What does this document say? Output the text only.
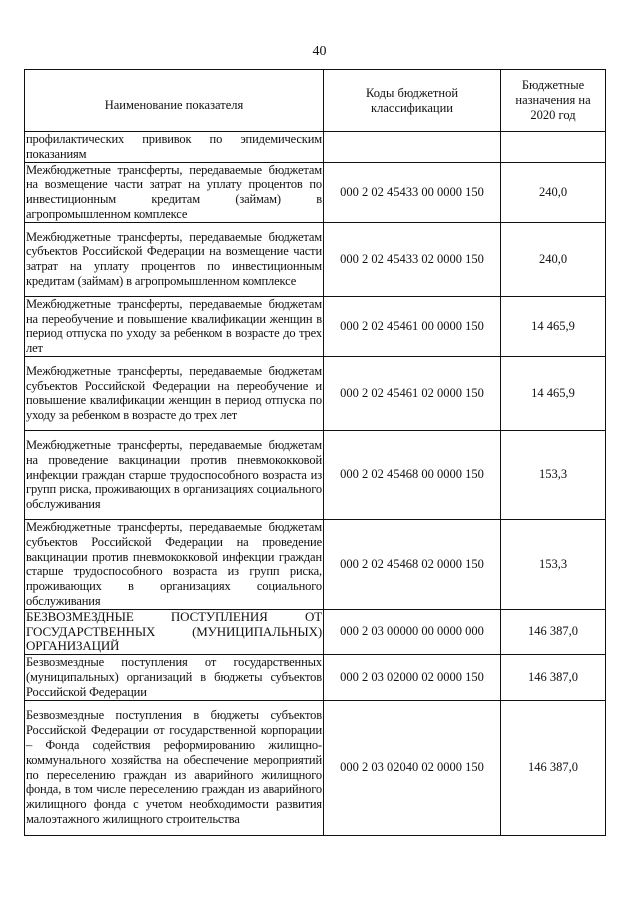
40
Наименование показателя	Коды бюджетной классификации	Бюджетные назначения на 2020 год
профилактических прививок по эпидемическим показаниям		
Межбюджетные трансферты, передаваемые бюджетам на возмещение части затрат на уплату процентов по инвестиционным кредитам (займам) в агропромышленном комплексе	000 2 02 45433 00 0000 150	240,0
Межбюджетные трансферты, передаваемые бюджетам субъектов Российской Федерации на возмещение части затрат на уплату процентов по инвестиционным кредитам (займам) в агропромышленном комплексе	000 2 02 45433 02 0000 150	240,0
Межбюджетные трансферты, передаваемые бюджетам на переобучение и повышение квалификации женщин в период отпуска по уходу за ребенком в возрасте до трех лет	000 2 02 45461 00 0000 150	14 465,9
Межбюджетные трансферты, передаваемые бюджетам субъектов Российской Федерации на переобучение и повышение квалификации женщин в период отпуска по уходу за ребенком в возрасте до трех лет	000 2 02 45461 02 0000 150	14 465,9
Межбюджетные трансферты, передаваемые бюджетам на проведение вакцинации против пневмококковой инфекции граждан старше трудоспособного возраста из групп риска, проживающих в организациях социального обслуживания	000 2 02 45468 00 0000 150	153,3
Межбюджетные трансферты, передаваемые бюджетам субъектов Российской Федерации на проведение вакцинации против пневмококковой инфекции граждан старше трудоспособного возраста из групп риска, проживающих в организациях социального обслуживания	000 2 02 45468 02 0000 150	153,3
БЕЗВОЗМЕЗДНЫЕ ПОСТУПЛЕНИЯ ОТ ГОСУДАРСТВЕННЫХ (МУНИЦИПАЛЬНЫХ) ОРГАНИЗАЦИЙ	000 2 03 00000 00 0000 000	146 387,0
Безвозмездные поступления от государственных (муниципальных) организаций в бюджеты субъектов Российской Федерации	000 2 03 02000 02 0000 150	146 387,0
Безвозмездные поступления в бюджеты субъектов Российской Федерации от государственной корпорации – Фонда содействия реформированию жилищно-коммунального хозяйства на обеспечение мероприятий по переселению граждан из аварийного жилищного фонда, в том числе переселению граждан из аварийного жилищного фонда с учетом необходимости развития малоэтажного жилищного строительства	000 2 03 02040 02 0000 150	146 387,0
